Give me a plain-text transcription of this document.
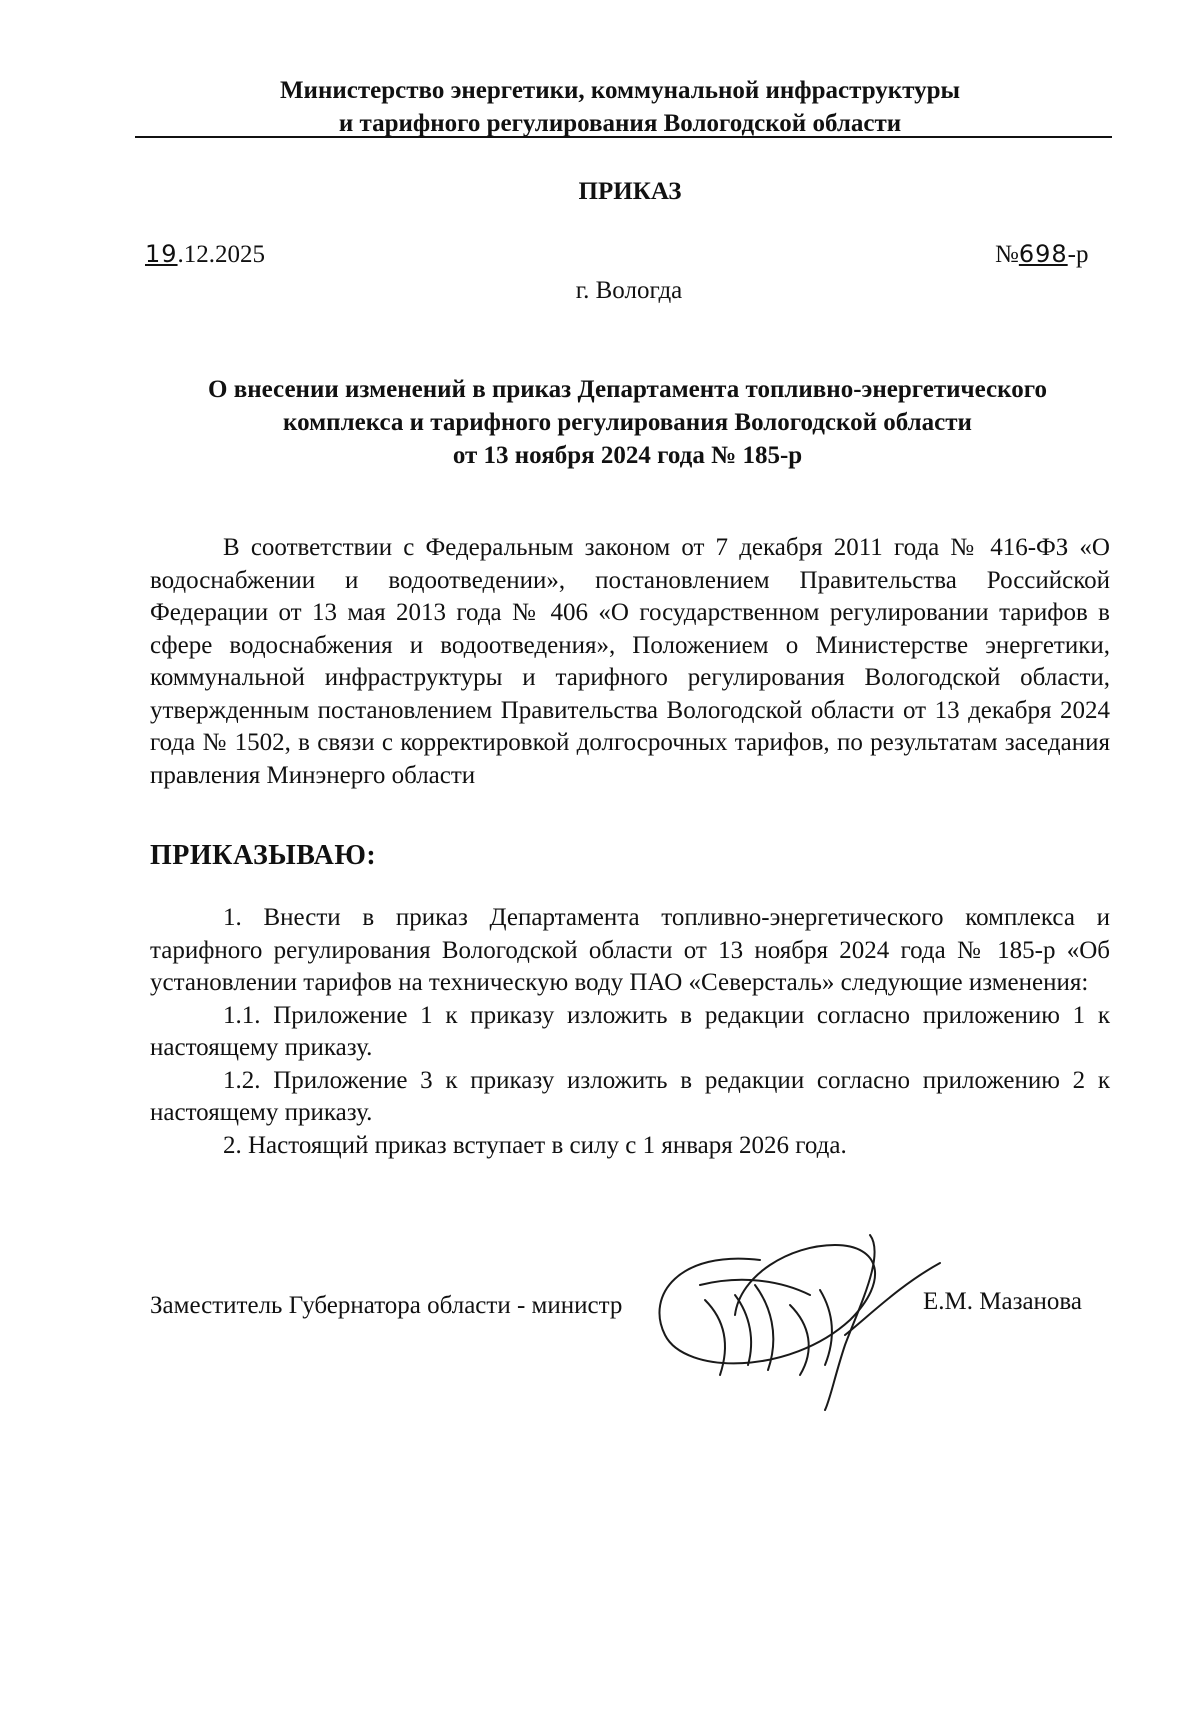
Министерство энергетики, коммунальной инфраструктуры
и тарифного регулирования Вологодской области
ПРИКАЗ
19.12.2025	№698-р
г. Вологда
О внесении изменений в приказ Департамента топливно-энергетического
комплекса и тарифного регулирования Вологодской области
от 13 ноября 2024 года № 185-р
В соответствии с Федеральным законом от 7 декабря 2011 года № 416-ФЗ «О водоснабжении и водоотведении», постановлением Правительства Российской Федерации от 13 мая 2013 года № 406 «О государственном регулировании тарифов в сфере водоснабжения и водоотведения», Положением о Министерстве энергетики, коммунальной инфраструктуры и тарифного регулирования Вологодской области, утвержденным постановлением Правительства Вологодской области от 13 декабря 2024 года № 1502, в связи с корректировкой долгосрочных тарифов, по результатам заседания правления Минэнерго области
ПРИКАЗЫВАЮ:

1. Внести в приказ Департамента топливно-энергетического комплекса и тарифного регулирования Вологодской области от 13 ноября 2024 года № 185-р «Об установлении тарифов на техническую воду ПАО «Северсталь» следующие изменения:

1.1. Приложение 1 к приказу изложить в редакции согласно приложению 1 к настоящему приказу.

1.2. Приложение 3 к приказу изложить в редакции согласно приложению 2 к настоящему приказу.

2. Настоящий приказ вступает в силу с 1 января 2026 года.

Заместитель Губернатора области - министр	Е.М. Мазанова
